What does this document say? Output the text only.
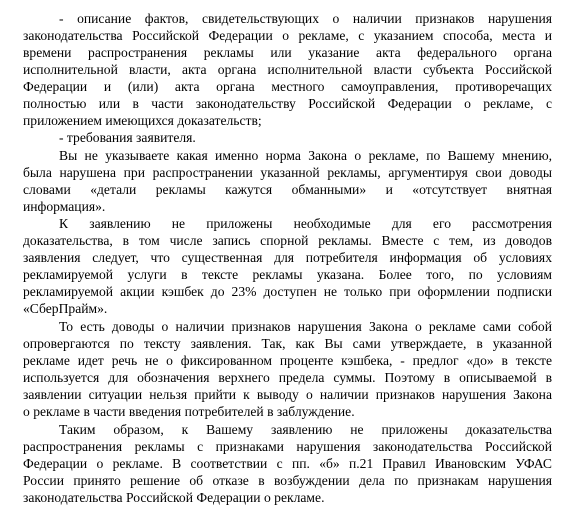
- описание фактов, свидетельствующих о наличии признаков нарушения

законодательства Российской Федерации о рекламе, с указанием способа, места и

времени распространения рекламы или указание акта федерального органа

исполнительной власти, акта органа исполнительной власти субъекта Российской

Федерации и (или) акта органа местного самоуправления, противоречащих

полностью или в части законодательству Российской Федерации о рекламе, с

приложением имеющихся доказательств;

- требования заявителя.

Вы не указываете какая именно норма Закона о рекламе, по Вашему мнению,

была нарушена при распространении указанной рекламы, аргументируя свои доводы

словами «детали рекламы кажутся обманными» и «отсутствует внятная

информация».

К заявлению не приложены необходимые для его рассмотрения

доказательства, в том числе запись спорной рекламы. Вместе с тем, из доводов

заявления следует, что существенная для потребителя информация об условиях

рекламируемой услуги в тексте рекламы указана. Более того, по условиям

рекламируемой акции кэшбек до 23% доступен не только при оформлении подписки

«СберПрайм».

То есть доводы о наличии признаков нарушения Закона о рекламе сами собой

опровергаются по тексту заявления. Так, как Вы сами утверждаете, в указанной

рекламе идет речь не о фиксированном проценте кэшбека, - предлог «до» в тексте

используется для обозначения верхнего предела суммы. Поэтому в описываемой в

заявлении ситуации нельзя прийти к выводу о наличии признаков нарушения Закона

о рекламе в части введения потребителей в заблуждение.

Таким образом, к Вашему заявлению не приложены доказательства

распространения рекламы с признаками нарушения законодательства Российской

Федерации о рекламе. В соответствии с пп. «б» п.21 Правил Ивановским УФАС

России принято решение об отказе в возбуждении дела по признакам нарушения

законодательства Российской Федерации о рекламе.
